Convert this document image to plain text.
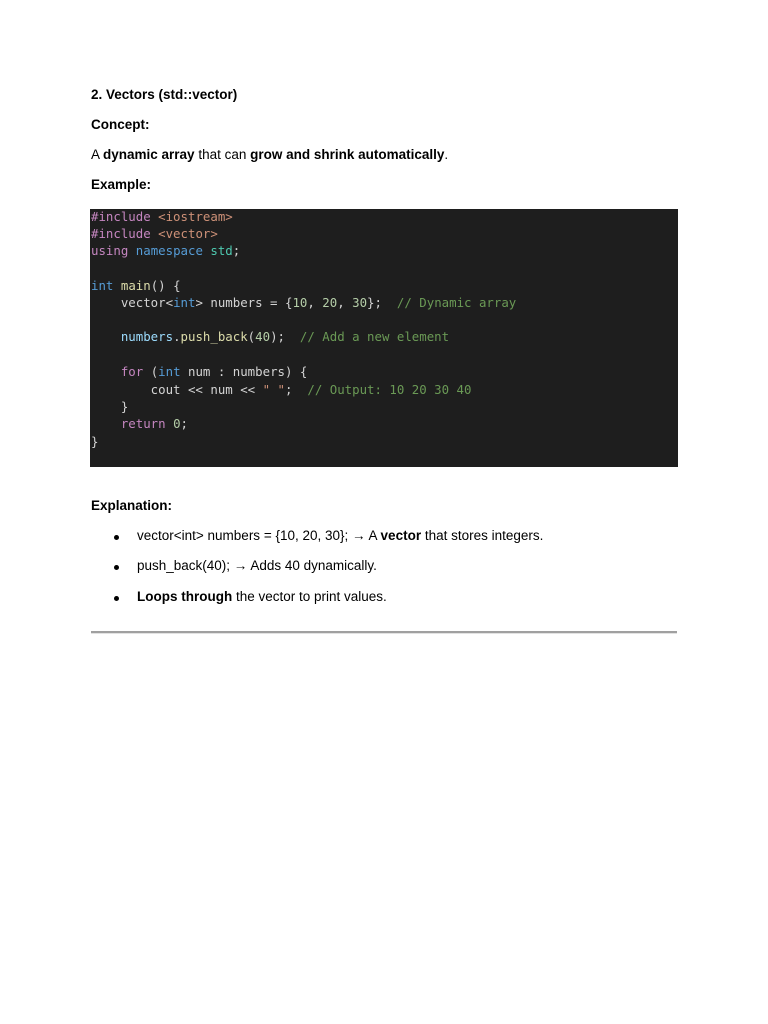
2. Vectors (std::vector)
Concept:
A dynamic array that can grow and shrink automatically.
Example:
#include <iostream>
#include <vector>
using namespace std;
int main() {
vector<int> numbers = {10, 20, 30};  // Dynamic array
numbers.push_back(40);  // Add a new element
for (int num : numbers) {
cout << num << " ";  // Output: 10 20 30 40
}
return 0;
}
Explanation:
vector<int> numbers = {10, 20, 30}; → A vector that stores integers.
push_back(40); → Adds 40 dynamically.
Loops through the vector to print values.
